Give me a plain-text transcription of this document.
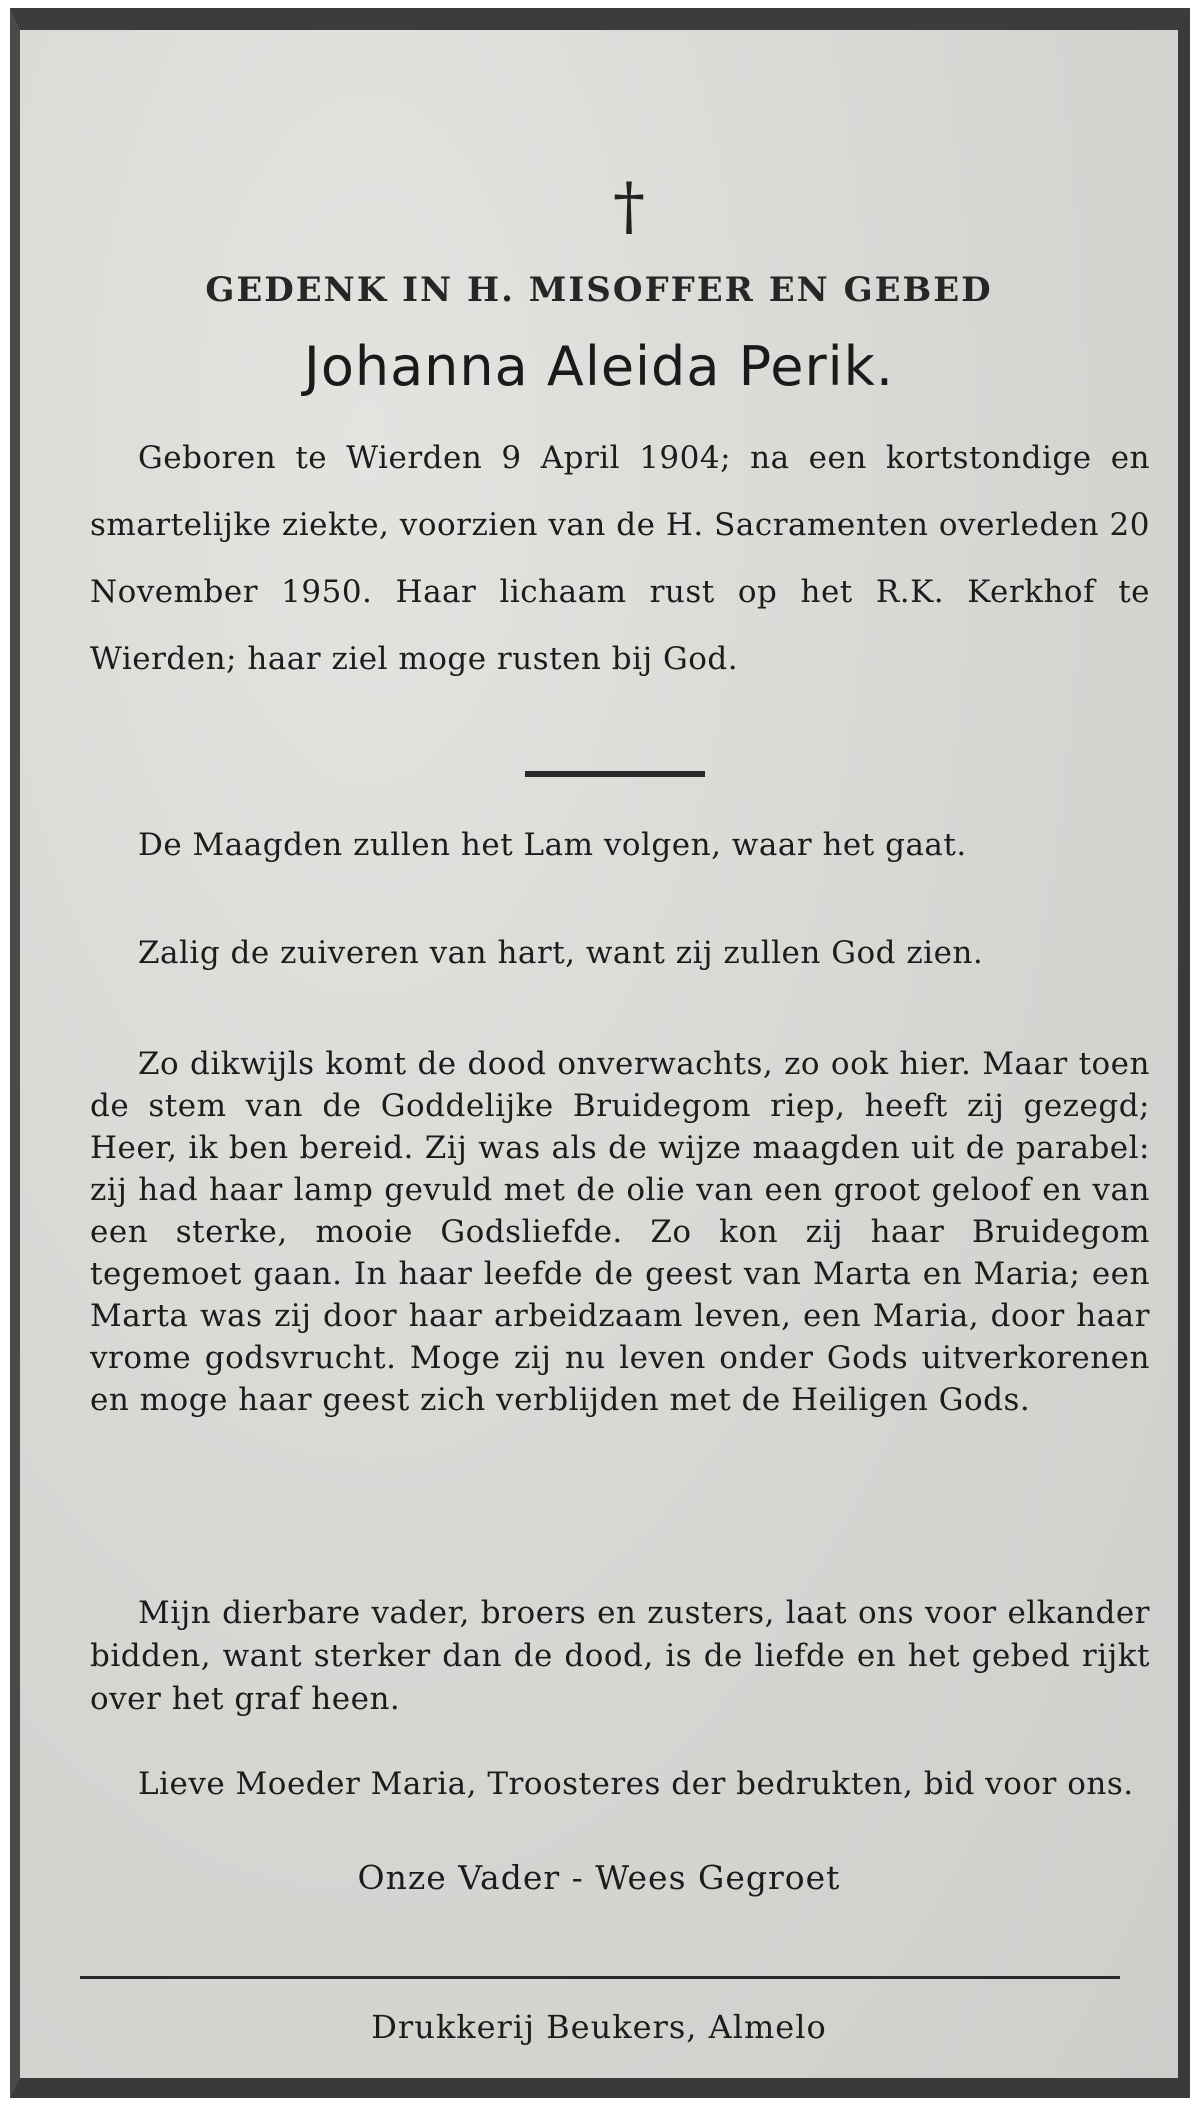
†
GEDENK IN H. MISOFFER EN GEBED
Johanna Aleida Perik.
Geboren te Wierden 9 April 1904; na een kortstondige en smartelijke ziekte, voorzien van de H. Sacramenten overleden 20 November 1950. Haar lichaam rust op het R.K. Kerkhof te Wierden; haar ziel moge rusten bij God.
De Maagden zullen het Lam volgen, waar het gaat.
Zalig de zuiveren van hart, want zij zullen God zien.
Zo dikwijls komt de dood onverwachts, zo ook hier. Maar toen de stem van de Goddelijke Bruidegom riep, heeft zij gezegd; Heer, ik ben bereid. Zij was als de wijze maagden uit de parabel: zij had haar lamp gevuld met de olie van een groot geloof en van een sterke, mooie Godsliefde. Zo kon zij haar Bruidegom tegemoet gaan. In haar leefde de geest van Marta en Maria; een Marta was zij door haar arbeidzaam leven, een Maria, door haar vrome godsvrucht. Moge zij nu leven onder Gods uitverkorenen en moge haar geest zich verblijden met de Heiligen Gods.
Mijn dierbare vader, broers en zusters, laat ons voor elkander bidden, want sterker dan de dood, is de liefde en het gebed rijkt over het graf heen.
Lieve Moeder Maria, Troosteres der bedrukten, bid voor ons.
Onze Vader - Wees Gegroet
Drukkerij Beukers, Almelo
